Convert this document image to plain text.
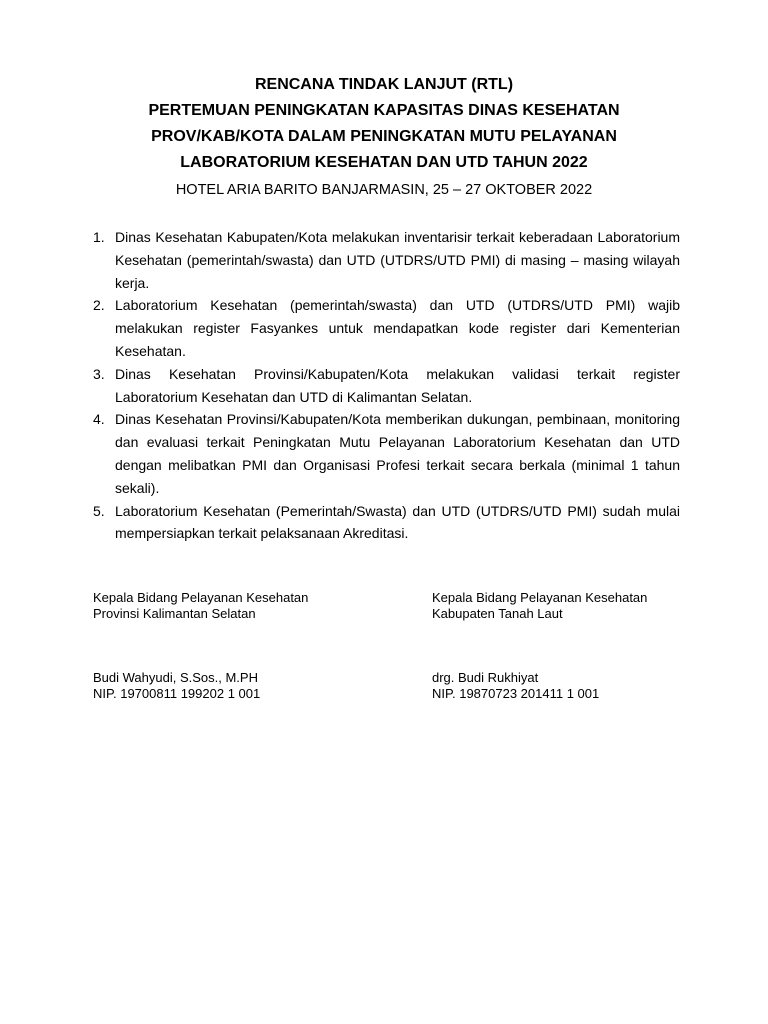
RENCANA TINDAK LANJUT (RTL)

PERTEMUAN PENINGKATAN KAPASITAS DINAS KESEHATAN

PROV/KAB/KOTA DALAM PENINGKATAN MUTU PELAYANAN

LABORATORIUM KESEHATAN DAN UTD TAHUN 2022

HOTEL ARIA BARITO BANJARMASIN, 25 – 27 OKTOBER 2022
1. Dinas Kesehatan Kabupaten/Kota melakukan inventarisir terkait keberadaan Laboratorium Kesehatan (pemerintah/swasta) dan UTD (UTDRS/UTD PMI) di masing – masing wilayah kerja.
2. Laboratorium Kesehatan (pemerintah/swasta) dan UTD (UTDRS/UTD PMI) wajib melakukan register Fasyankes untuk mendapatkan kode register dari Kementerian Kesehatan.
3. Dinas Kesehatan Provinsi/Kabupaten/Kota melakukan validasi terkait register Laboratorium Kesehatan dan UTD di Kalimantan Selatan.
4. Dinas Kesehatan Provinsi/Kabupaten/Kota memberikan dukungan, pembinaan, monitoring dan evaluasi terkait Peningkatan Mutu Pelayanan Laboratorium Kesehatan dan UTD dengan melibatkan PMI dan Organisasi Profesi terkait secara berkala (minimal 1 tahun sekali).
5. Laboratorium Kesehatan (Pemerintah/Swasta) dan UTD (UTDRS/UTD PMI) sudah mulai mempersiapkan terkait pelaksanaan Akreditasi.
Kepala Bidang Pelayanan Kesehatan
Provinsi Kalimantan Selatan
Kepala Bidang Pelayanan Kesehatan
Kabupaten Tanah Laut
Budi Wahyudi, S.Sos., M.PH
NIP. 19700811 199202 1 001
drg. Budi Rukhiyat
NIP. 19870723 201411 1 001
